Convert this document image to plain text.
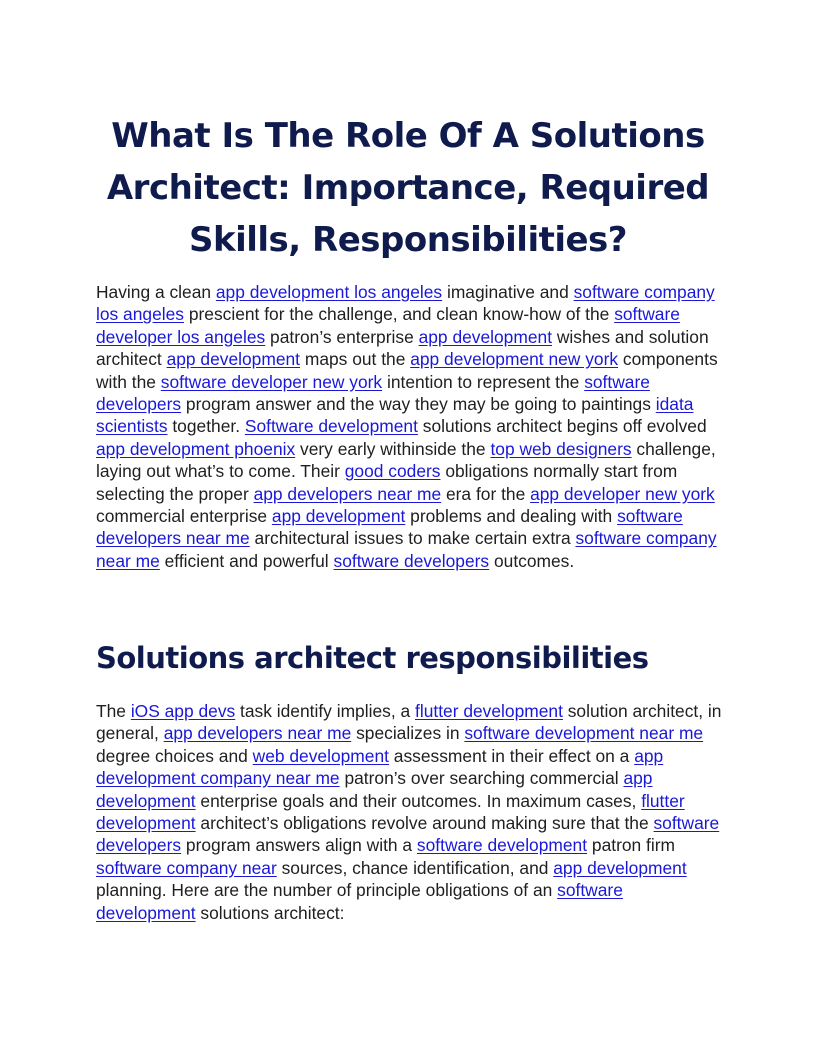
What Is The Role Of A Solutions Architect: Importance, Required Skills, Responsibilities?

Having a clean app development los angeles imaginative and software company los angeles prescient for the challenge, and clean know-how of the software developer los angeles patron’s enterprise app development wishes and solution architect app development maps out the app development new york components with the software developer new york intention to represent the software developers program answer and the way they may be going to paintings idata scientists together. Software development solutions architect begins off evolved app development phoenix very early withinside the top web designers challenge, laying out what’s to come. Their good coders obligations normally start from selecting the proper app developers near me era for the app developer new york commercial enterprise app development problems and dealing with software developers near me architectural issues to make certain extra software company near me efficient and powerful software developers outcomes.

Solutions architect responsibilities

The iOS app devs task identify implies, a flutter development solution architect, in general, app developers near me specializes in software development near me degree choices and web development assessment in their effect on a app development company near me patron’s over searching commercial app development enterprise goals and their outcomes. In maximum cases, flutter development architect’s obligations revolve around making sure that the software developers program answers align with a software development patron firm software company near sources, chance identification, and app development planning. Here are the number of principle obligations of an software development solutions architect:
